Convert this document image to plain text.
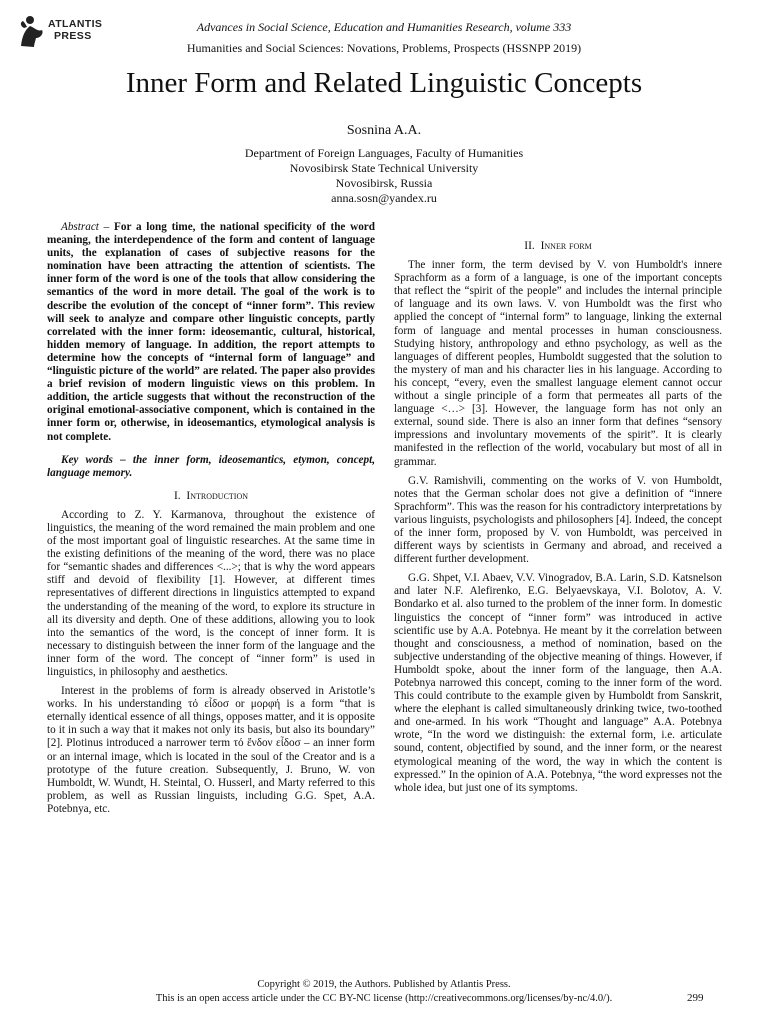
ATLANTIS
PRESS
Advances in Social Science, Education and Humanities Research, volume 333
Humanities and Social Sciences: Novations, Problems, Prospects (HSSNPP 2019)
Inner Form and Related Linguistic Concepts
Sosnina A.A.
Department of Foreign Languages, Faculty of Humanities
Novosibirsk State Technical University
Novosibirsk, Russia
anna.sosn@yandex.ru

Abstract – For a long time, the national specificity of the word meaning, the interdependence of the form and content of language units, the explanation of cases of subjective reasons for the nomination have been attracting the attention of scientists. The inner form of the word is one of the tools that allow considering the semantics of the word in more detail. The goal of the work is to describe the evolution of the concept of “inner form”. This review will seek to analyze and compare other linguistic concepts, partly correlated with the inner form: ideosemantic, cultural, historical, hidden memory of language. In addition, the report attempts to determine how the concepts of “internal form of language” and “linguistic picture of the world” are related. The paper also provides a brief revision of modern linguistic views on this problem. In addition, the article suggests that without the reconstruction of the original emotional-associative component, which is contained in the inner form or, otherwise, in ideosemantics, etymological analysis is not complete.

Key words – the inner form, ideosemantics, etymon, concept, language memory.

I. Introduction

According to Z. Y. Karmanova, throughout the existence of linguistics, the meaning of the word remained the main problem and one of the most important goal of linguistic researches. At the same time in the existing definitions of the meaning of the word, there was no place for “semantic shades and differences <...>; that is why the word appears stiff and devoid of flexibility [1]. However, at different times representatives of different directions in linguistics attempted to expand the understanding of the meaning of the word, to explore its structure in all its diversity and depth. One of these additions, allowing you to look into the semantics of the word, is the concept of inner form. It is necessary to distinguish between the inner form of the language and the inner form of the word. The concept of “inner form” is used in linguistics, in philosophy and aesthetics.

Interest in the problems of form is already observed in Aristotle’s works. In his understanding τό εἶδοσ or μορφή is a form “that is eternally identical essence of all things, opposes matter, and it is opposite to it in such a way that it makes not only its basis, but also its boundary” [2]. Plotinus introduced a narrower term τό ἔνδον εἶδοσ – an inner form or an internal image, which is located in the soul of the Creator and is a prototype of the future creation. Subsequently, J. Bruno, W. von Humboldt, W. Wundt, H. Steintal, O. Husserl, and Marty referred to this problem, as well as Russian linguists, including G.G. Spet, A.A. Potebnya, etc.

II. Inner form

The inner form, the term devised by V. von Humboldt's innere Sprachform as a form of a language, is one of the important concepts that reflect the “spirit of the people” and includes the internal principle of language and its own laws. V. von Humboldt was the first who applied the concept of “internal form” to language, linking the external form of language and mental processes in human consciousness. Studying history, anthropology and ethno psychology, as well as the languages of different peoples, Humboldt suggested that the solution to the mystery of man and his character lies in his language. According to his concept, “every, even the smallest language element cannot occur without a single principle of a form that permeates all parts of the language <…> [3]. However, the language form has not only an external, sound side. There is also an inner form that defines “sensory impressions and involuntary movements of the spirit”. It is clearly manifested in the reflection of the world, vocabulary but most of all in grammar.

G.V. Ramishvili, commenting on the works of V. von Humboldt, notes that the German scholar does not give a definition of “innere Sprachform”. This was the reason for his contradictory interpretations by various linguists, psychologists and philosophers [4]. Indeed, the concept of the inner form, proposed by V. von Humboldt, was perceived in different ways by scientists in Germany and abroad, and received a different further development.

G.G. Shpet, V.I. Abaev, V.V. Vinogradov, B.A. Larin, S.D. Katsnelson and later N.F. Alefirenko, E.G. Belyaevskaya, V.I. Bolotov, A. V. Bondarko et al. also turned to the problem of the inner form. In domestic linguistics the concept of “inner form” was introduced in active scientific use by A.A. Potebnya. He meant by it the correlation between thought and consciousness, a method of nomination, based on the subjective understanding of the objective meaning of things. However, if Humboldt spoke, about the inner form of the language, then A.A. Potebnya narrowed this concept, coming to the inner form of the word. This could contribute to the example given by Humboldt from Sanskrit, where the elephant is called simultaneously drinking twice, two-toothed and one-armed. In his work “Thought and language” A.A. Potebnya wrote, “In the word we distinguish: the external form, i.e. articulate sound, content, objectified by sound, and the inner form, or the nearest etymological meaning of the word, the way in which the content is expressed.” In the opinion of A.A. Potebnya, “the word expresses not the whole idea, but just one of its symptoms.

Copyright © 2019, the Authors. Published by Atlantis Press.
This is an open access article under the CC BY-NC license (http://creativecommons.org/licenses/by-nc/4.0/).	299
